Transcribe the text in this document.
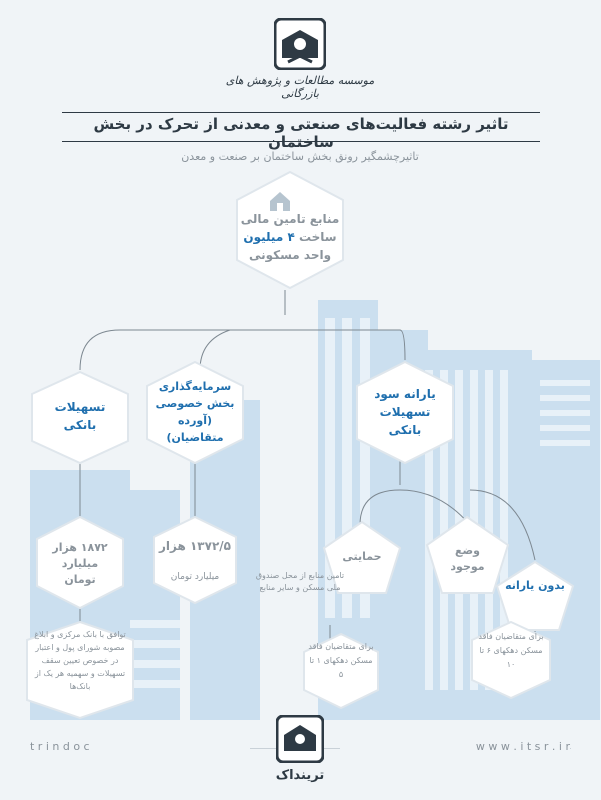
موسسه مطالعات و پژوهش های بازرگانی
تاثیر رشته فعالیت‌های صنعتی و معدنی از تحرک در بخش ساختمان
تاثیرچشمگیر رونق بخش ساختمان بر صنعت و معدن
منابع تامین مالی
ساخت ۴ میلیون
واحد مسکونی
یارانه سود تسهیلات بانکی
سرمایه‌گذاری بخش خصوصی (آورده متقاضیان)
تسهیلات بانکی
۱۳۷۲/۵ هزار
میلیارد تومان
۱۸۷۲ هزار میلیارد تومان
توافق با بانک مرکزی و ابلاغ مصوبه شورای پول و اعتبار در خصوص تعیین سقف تسهیلات و سهمیه هر یک از بانک‌ها
حمایتی	وضع موجود
بدون یارانه
تامین منابع از محل صندوق ملی مسکن و سایر منابع
برای متقاضیان فاقد مسکن دهکهای ۱ تا ۵
برای متقاضیان فاقد مسکن دهکهای ۶ تا ۱۰
t r i n d o c	w w w . i t s r . i r
ترینداک
